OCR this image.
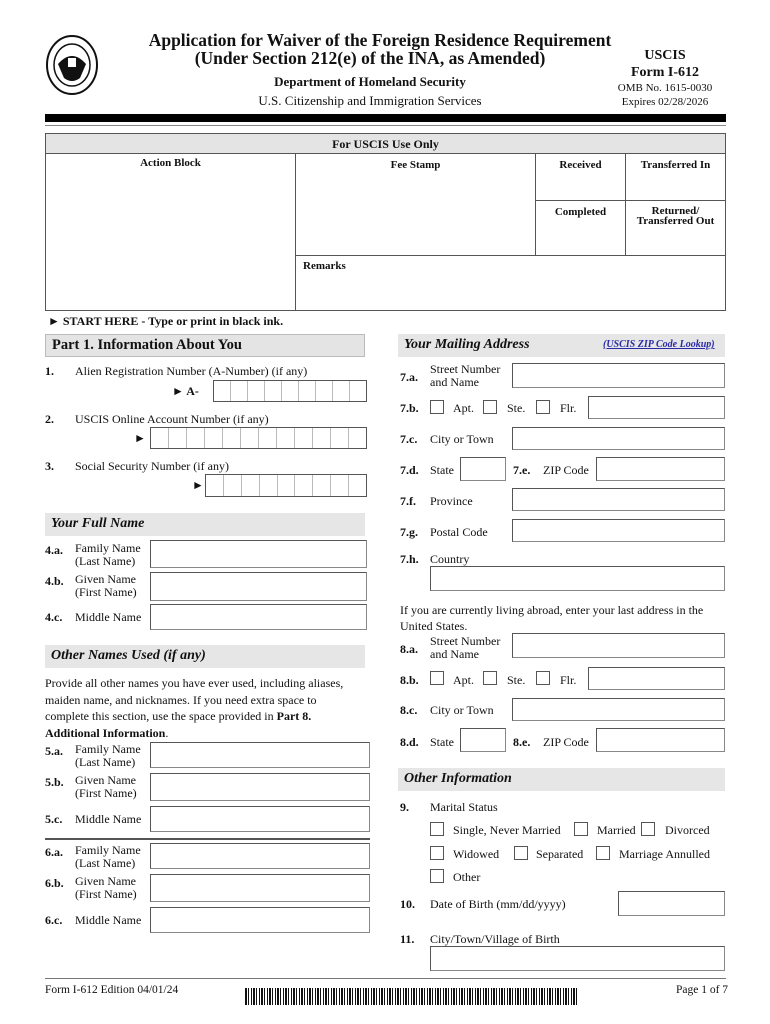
Application for Waiver of the Foreign Residence Requirement
(Under Section 212(e) of the INA, as Amended)
Department of Homeland Security
U.S. Citizenship and Immigration Services
USCIS
Form I-612
OMB No. 1615-0030
Expires 02/28/2026
For USCIS Use Only
Action Block	Fee Stamp	Received	Transferred In
Completed	Returned/
Transferred Out
Remarks
► START HERE - Type or print in black ink.
Part 1. Information About You
1. Alien Registration Number (A-Number) (if any)
► A-
2. USCIS Online Account Number (if any)
►
3. Social Security Number (if any)
►
Your Full Name
4.a. Family Name
(Last Name)
4.b. Given Name
(First Name)
4.c. Middle Name
Other Names Used (if any)
Provide all other names you have ever used, including aliases,
maiden name, and nicknames. If you need extra space to
complete this section, use the space provided in Part 8.
Additional Information.
5.a. Family Name
(Last Name)
5.b. Given Name
(First Name)
5.c. Middle Name
6.a. Family Name
(Last Name)
6.b. Given Name
(First Name)
6.c. Middle Name
Your Mailing Address	(USCIS ZIP Code Lookup)
7.a.
Street Number
and Name
7.b.	Apt.	Ste.	Flr.
7.c. City or Town
7.d. State	7.e. ZIP Code
7.f. Province
7.g. Postal Code
7.h. Country
If you are currently living abroad, enter your last address in the
United States.
8.a.
Street Number
and Name
8.b.	Apt.	Ste.	Flr.
8.c. City or Town
8.d. State	8.e. ZIP Code
Other Information
9. Marital Status
Single, Never Married	Married Divorced
Widowed	Separated	Marriage Annulled
Other
10. Date of Birth (mm/dd/yyyy)
11. City/Town/Village of Birth
Form I-612 Edition 04/01/24	Page 1 of 7
